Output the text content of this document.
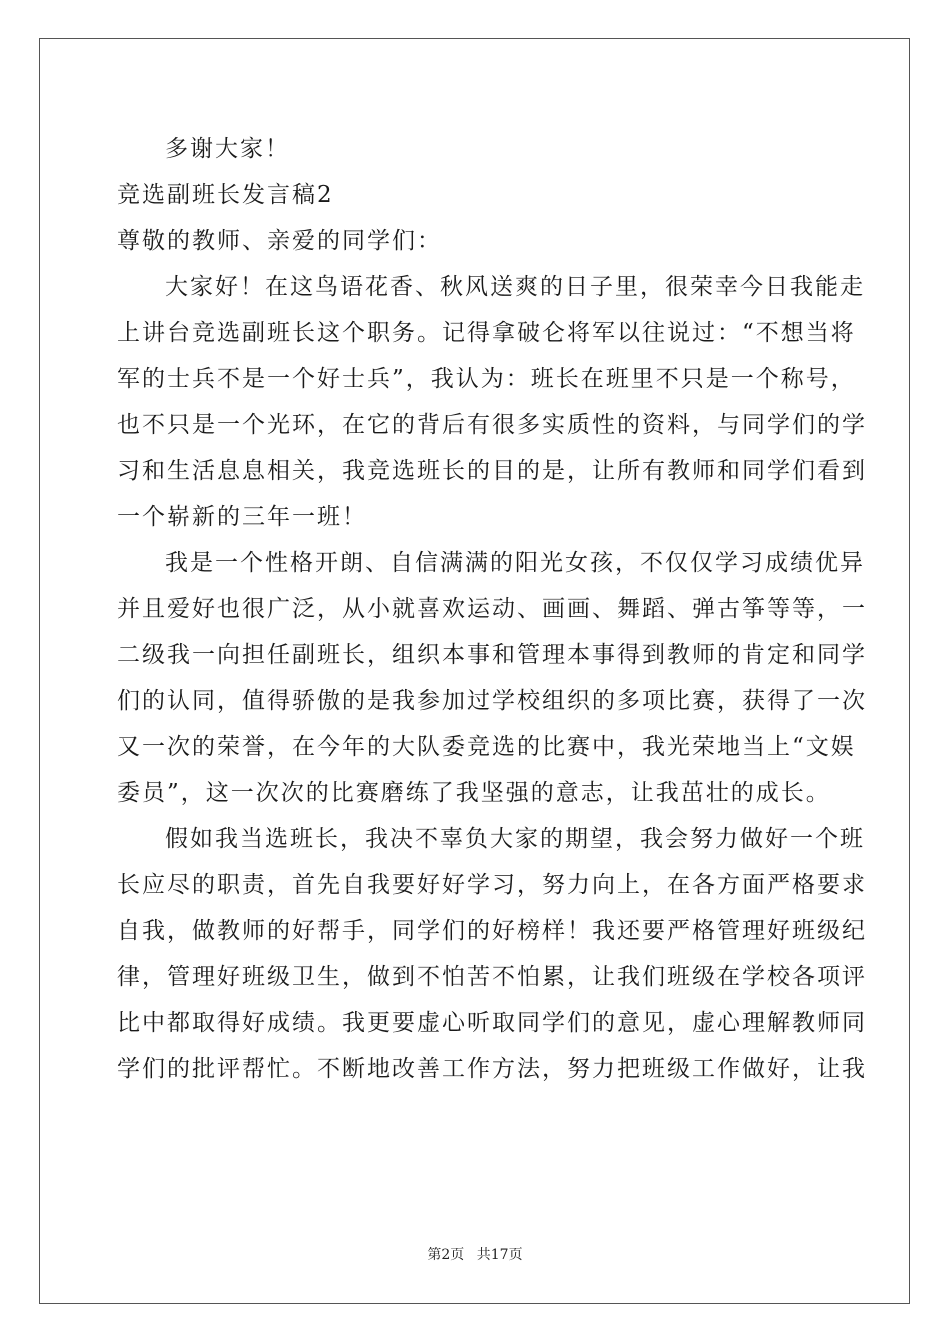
多谢大家！
竞选副班长发言稿2
尊敬的教师、亲爱的同学们：
大家好！在这鸟语花香、秋风送爽的日子里，很荣幸今日我能走
上讲台竞选副班长这个职务。记得拿破仑将军以往说过：“不想当将
军的士兵不是一个好士兵”，我认为：班长在班里不只是一个称号，
也不只是一个光环，在它的背后有很多实质性的资料，与同学们的学
习和生活息息相关，我竞选班长的目的是，让所有教师和同学们看到
一个崭新的三年一班！
我是一个性格开朗、自信满满的阳光女孩，不仅仅学习成绩优异
并且爱好也很广泛，从小就喜欢运动、画画、舞蹈、弹古筝等等，一
二级我一向担任副班长，组织本事和管理本事得到教师的肯定和同学
们的认同，值得骄傲的是我参加过学校组织的多项比赛，获得了一次
又一次的荣誉，在今年的大队委竞选的比赛中，我光荣地当上“文娱
委员”，这一次次的比赛磨练了我坚强的意志，让我茁壮的成长。
假如我当选班长，我决不辜负大家的期望，我会努力做好一个班
长应尽的职责，首先自我要好好学习，努力向上，在各方面严格要求
自我，做教师的好帮手，同学们的好榜样！我还要严格管理好班级纪
律，管理好班级卫生，做到不怕苦不怕累，让我们班级在学校各项评
比中都取得好成绩。我更要虚心听取同学们的意见，虚心理解教师同
学们的批评帮忙。不断地改善工作方法，努力把班级工作做好，让我
第2页 共17页
